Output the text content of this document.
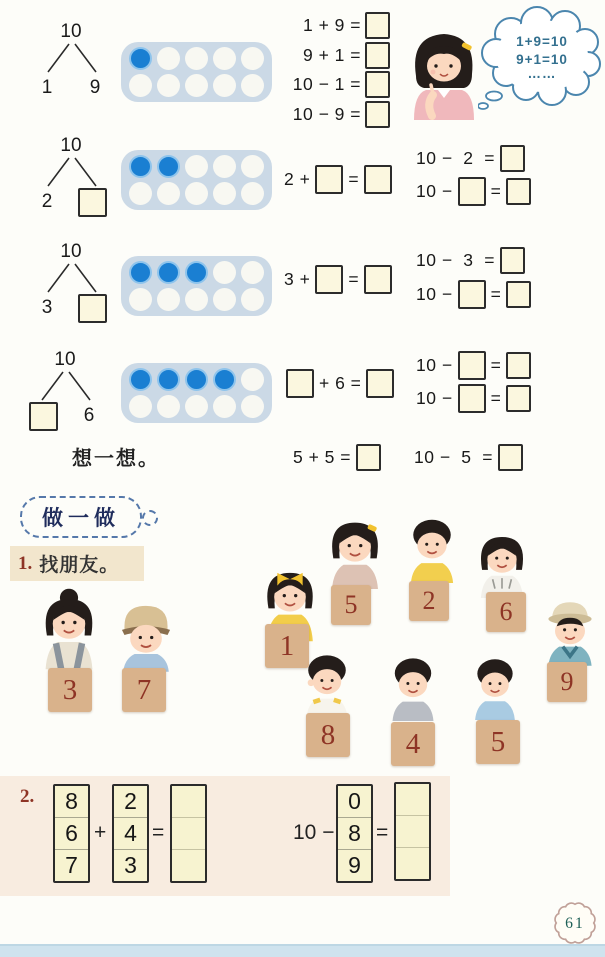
10
1	9
1 + 9 =
9 + 1 =
10 − 1 =
10 − 9 =
1+9=10
9+1=10
……
10
2
2 + =
10 −  2  =
10 − =
10
3
3 + =
10 −  3  =
10 − =
10
6
+ 6 =
10 − =
10 − =
想一想。	5 + 5 =	10 −  5  =
做一做
1. 找朋友。
3	7
1
5	2	6
9
8	4	5
2.	8
6
7
+
2
4
3
=	10 −
0
8
9
=
61
